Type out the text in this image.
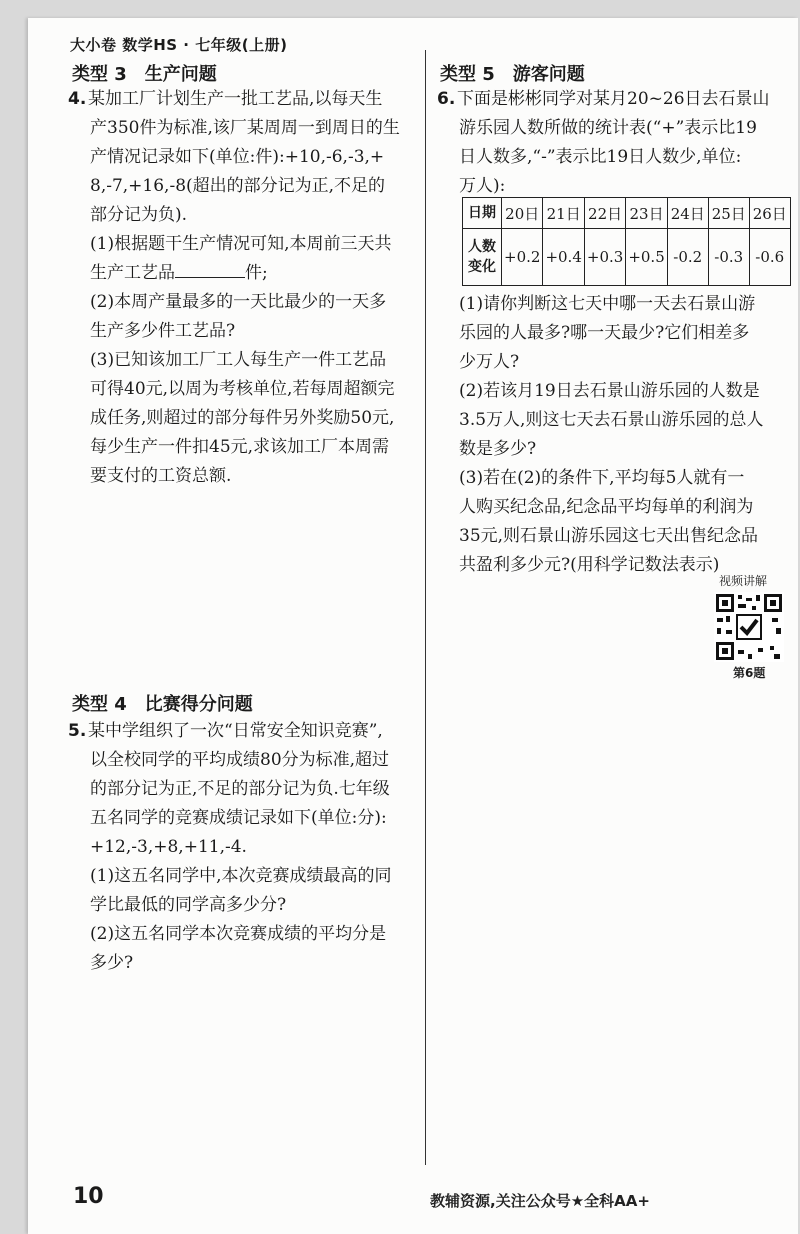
大小卷 数学HS · 七年级(上册)
类型 3　生产问题
4. 某加工厂计划生产一批工艺品,以每天生
产350件为标准,该厂某周周一到周日的生
产情况记录如下(单位:件):+10,-6,-3,+
8,-7,+16,-8(超出的部分记为正,不足的
部分记为负).
(1)根据题干生产情况可知,本周前三天共
生产工艺品	件;
(2)本周产量最多的一天比最少的一天多
生产多少件工艺品?
(3)已知该加工厂工人每生产一件工艺品
可得40元,以周为考核单位,若每周超额完
成任务,则超过的部分每件另外奖励50元,
每少生产一件扣45元,求该加工厂本周需
要支付的工资总额.
类型 4　比赛得分问题
5. 某中学组织了一次“日常安全知识竞赛”,
以全校同学的平均成绩80分为标准,超过
的部分记为正,不足的部分记为负.七年级
五名同学的竞赛成绩记录如下(单位:分):
+12,-3,+8,+11,-4.
(1)这五名同学中,本次竞赛成绩最高的同
学比最低的同学高多少分?
(2)这五名同学本次竞赛成绩的平均分是
多少?
类型 5　游客问题
6. 下面是彬彬同学对某月20~26日去石景山
游乐园人数所做的统计表(“+”表示比19
日人数多,“-”表示比19日人数少,单位:
万人):
日期	20日	21日	22日	23日	24日	25日	26日

人数
变化	+0.2	+0.4	+0.3	+0.5	-0.2	-0.3	-0.6
(1)请你判断这七天中哪一天去石景山游
乐园的人最多?哪一天最少?它们相差多
少万人?
(2)若该月19日去石景山游乐园的人数是
3.5万人,则这七天去石景山游乐园的总人
数是多少?
(3)若在(2)的条件下,平均每5人就有一
人购买纪念品,纪念品平均每单的利润为
35元,则石景山游乐园这七天出售纪念品
共盈利多少元?(用科学记数法表示)
视频讲解
第6题
10	教辅资源,关注公众号★全科AA+
